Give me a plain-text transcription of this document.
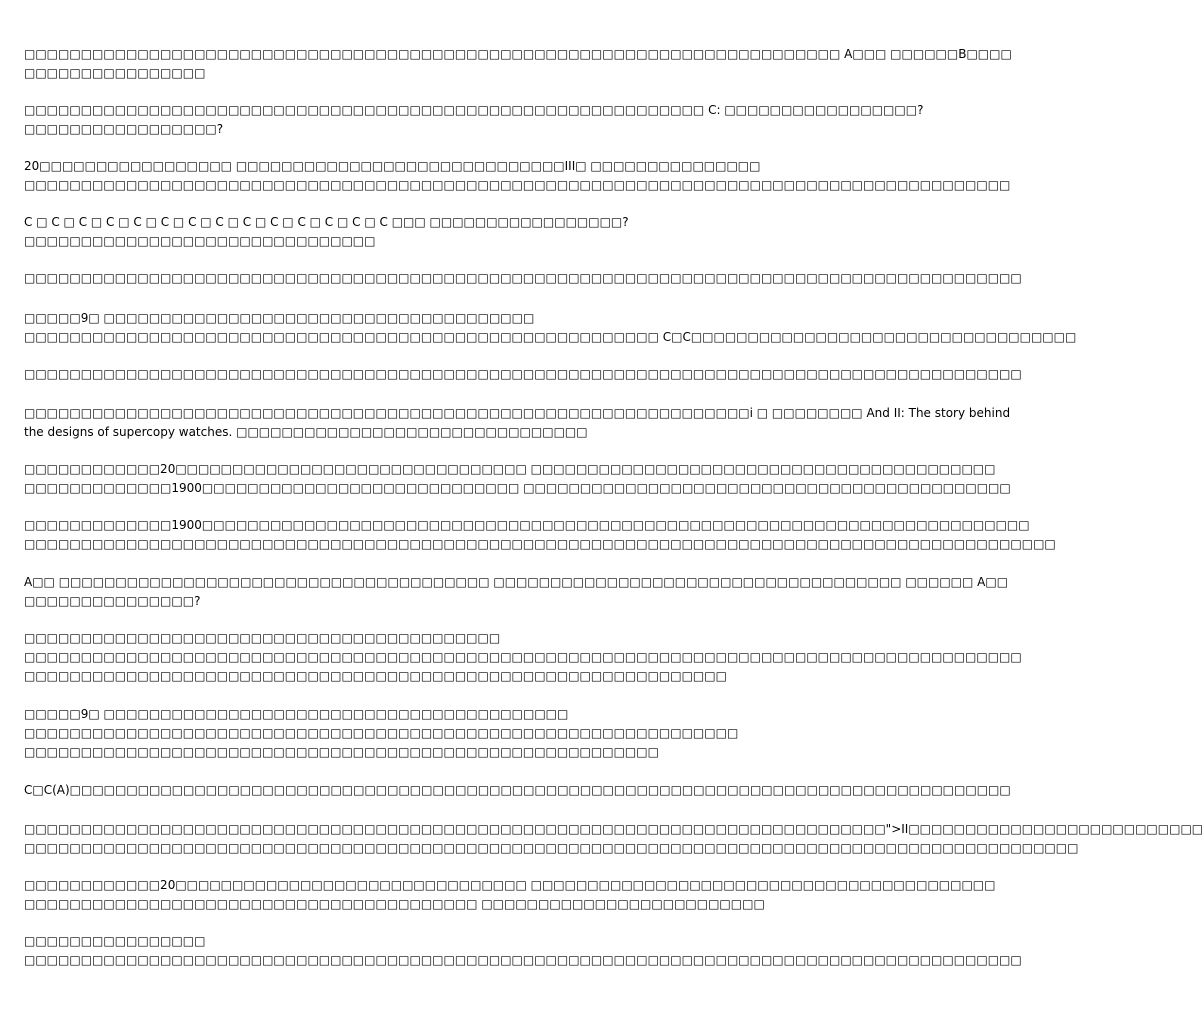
□□□□□□□□□□□□□□□□□□□□□□□□□□□□□□□□□□□□□□□□□□□□□□□□□□□□□□□□□□□□□□□□□□□□□□□□ A□□□ □□□□□□B□□□□
□□□□□□□□□□□□□□□□
□□□□□□□□□□□□□□□□□□□□□□□□□□□□□□□□□□□□□□□□□□□□□□□□□□□□□□□□□□□□ C: □□□□□□□□□□□□□□□□□?
□□□□□□□□□□□□□□□□□?
20□□□□□□□□□□□□□□□□□ □□□□□□□□□□□□□□□□□□□□□□□□□□□□□III□ □□□□□□□□□□□□□□□
□□□□□□□□□□□□□□□□□□□□□□□□□□□□□□□□□□□□□□□□□□□□□□□□□□□□□□□□□□□□□□□□□□□□□□□□□□□□□□□□□□□□□□□
C □ C □ C □ C □ C □ C □ C □ C □ C □ C □ C □ C □ C □ C □□□ □□□□□□□□□□□□□□□□□?
□□□□□□□□□□□□□□□□□□□□□□□□□□□□□□□
□□□□□□□□□□□□□□□□□□□□□□□□□□□□□□□□□□□□□□□□□□□□□□□□□□□□□□□□□□□□□□□□□□□□□□□□□□□□□□□□□□□□□□□□
□□□□□9□ □□□□□□□□□□□□□□□□□□□□□□□□□□□□□□□□□□□□□□
□□□□□□□□□□□□□□□□□□□□□□□□□□□□□□□□□□□□□□□□□□□□□□□□□□□□□□□□ C□C□□□□□□□□□□□□□□□□□□□□□□□□□□□□□□□□□□
□□□□□□□□□□□□□□□□□□□□□□□□□□□□□□□□□□□□□□□□□□□□□□□□□□□□□□□□□□□□□□□□□□□□□□□□□□□□□□□□□□□□□□□□
□□□□□□□□□□□□□□□□□□□□□□□□□□□□□□□□□□□□□□□□□□□□□□□□□□□□□□□□□□□□□□□□i □ □□□□□□□□ And II: The story behind
the designs of supercopy watches. □□□□□□□□□□□□□□□□□□□□□□□□□□□□□□□
□□□□□□□□□□□□20□□□□□□□□□□□□□□□□□□□□□□□□□□□□□□□ □□□□□□□□□□□□□□□□□□□□□□□□□□□□□□□□□□□□□□□□□
□□□□□□□□□□□□□1900□□□□□□□□□□□□□□□□□□□□□□□□□□□□ □□□□□□□□□□□□□□□□□□□□□□□□□□□□□□□□□□□□□□□□□□□
□□□□□□□□□□□□□1900□□□□□□□□□□□□□□□□□□□□□□□□□□□□□□□□□□□□□□□□□□□□□□□□□□□□□□□□□□□□□□□□□□□□□□□□□
□□□□□□□□□□□□□□□□□□□□□□□□□□□□□□□□□□□□□□□□□□□□□□□□□□□□□□□□□□□□□□□□□□□□□□□□□□□□□□□□□□□□□□□□□□□
A□□ □□□□□□□□□□□□□□□□□□□□□□□□□□□□□□□□□□□□□□ □□□□□□□□□□□□□□□□□□□□□□□□□□□□□□□□□□□□ □□□□□□ A□□
□□□□□□□□□□□□□□□?
□□□□□□□□□□□□□□□□□□□□□□□□□□□□□□□□□□□□□□□□□□
□□□□□□□□□□□□□□□□□□□□□□□□□□□□□□□□□□□□□□□□□□□□□□□□□□□□□□□□□□□□□□□□□□□□□□□□□□□□□□□□□□□□□□□□
□□□□□□□□□□□□□□□□□□□□□□□□□□□□□□□□□□□□□□□□□□□□□□□□□□□□□□□□□□□□□□
□□□□□9□ □□□□□□□□□□□□□□□□□□□□□□□□□□□□□□□□□□□□□□□□□
□□□□□□□□□□□□□□□□□□□□□□□□□□□□□□□□□□□□□□□□□□□□□□□□□□□□□□□□□□□□□□□
□□□□□□□□□□□□□□□□□□□□□□□□□□□□□□□□□□□□□□□□□□□□□□□□□□□□□□□□
C□C(A)□□□□□□□□□□□□□□□□□□□□□□□□□□□□□□□□□□□□□□□□□□□□□□□□□□□□□□□□□□□□□□□□□□□□□□□□□□□□□□□□□□□
□□□□□□□□□□□□□□□□□□□□□□□□□□□□□□□□□□□□□□□□□□□□□□□□□□□□□□□□□□□□□□□□□□□□□□□□□□□□">II□□□□□□□□□□□□□□□□□□□□□□□□□□
□□□□□□□□□□□□□□□□□□□□□□□□□□□□□□□□□□□□□□□□□□□□□□□□□□□□□□□□□□□□□□□□□□□□□□□□□□□□□□□□□□□□□□□□□□□□□
□□□□□□□□□□□□20□□□□□□□□□□□□□□□□□□□□□□□□□□□□□□□ □□□□□□□□□□□□□□□□□□□□□□□□□□□□□□□□□□□□□□□□□
□□□□□□□□□□□□□□□□□□□□□□□□□□□□□□□□□□□□□□□□ □□□□□□□□□□□□□□□□□□□□□□□□□
□□□□□□□□□□□□□□□□
□□□□□□□□□□□□□□□□□□□□□□□□□□□□□□□□□□□□□□□□□□□□□□□□□□□□□□□□□□□□□□□□□□□□□□□□□□□□□□□□□□□□□□□□
